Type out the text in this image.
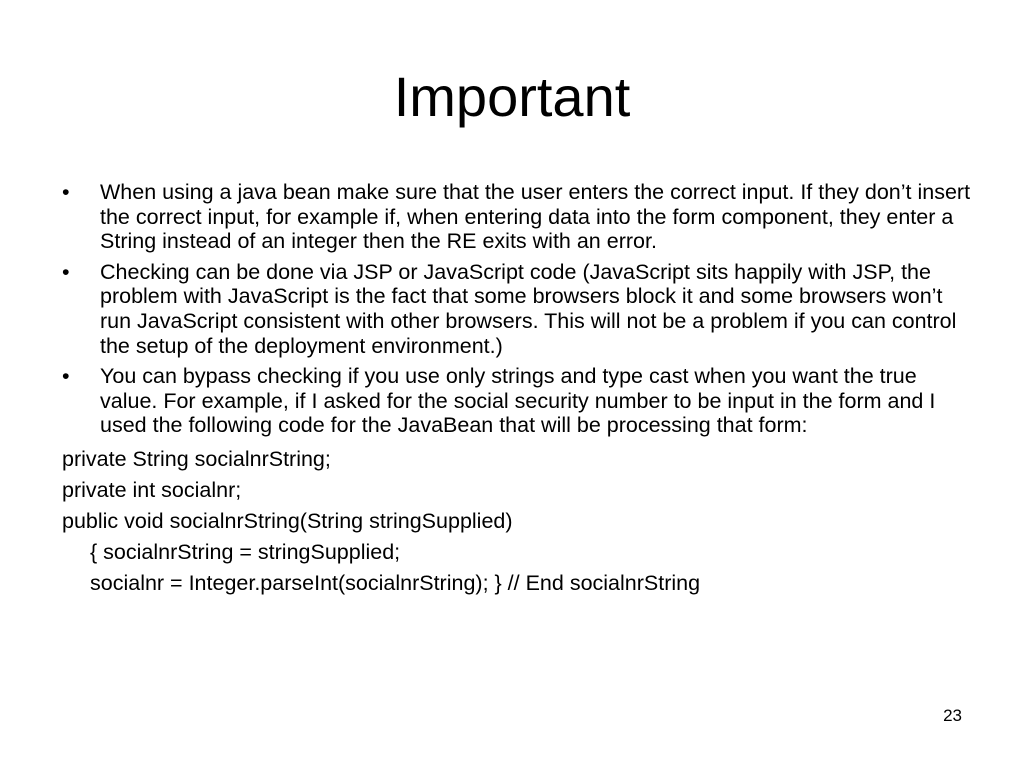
Important
• When using a java bean make sure that the user enters the correct input. If they don’t insert the correct input, for example if, when entering data into the form component, they enter a String instead of an integer then the RE exits with an error.
• Checking can be done via JSP or JavaScript code (JavaScript sits happily with JSP, the problem with JavaScript is the fact that some browsers block it and some browsers won’t run JavaScript consistent with other browsers. This will not be a problem if you can control the setup of the deployment environment.)
• You can bypass checking if you use only strings and type cast when you want the true value. For example, if I asked for the social security number to be input in the form and I used the following code for the JavaBean that will be processing that form:

private String socialnrString;

private int socialnr;

public void socialnrString(String stringSupplied)

{ socialnrString = stringSupplied;

socialnr = Integer.parseInt(socialnrString); } // End socialnrString

23
